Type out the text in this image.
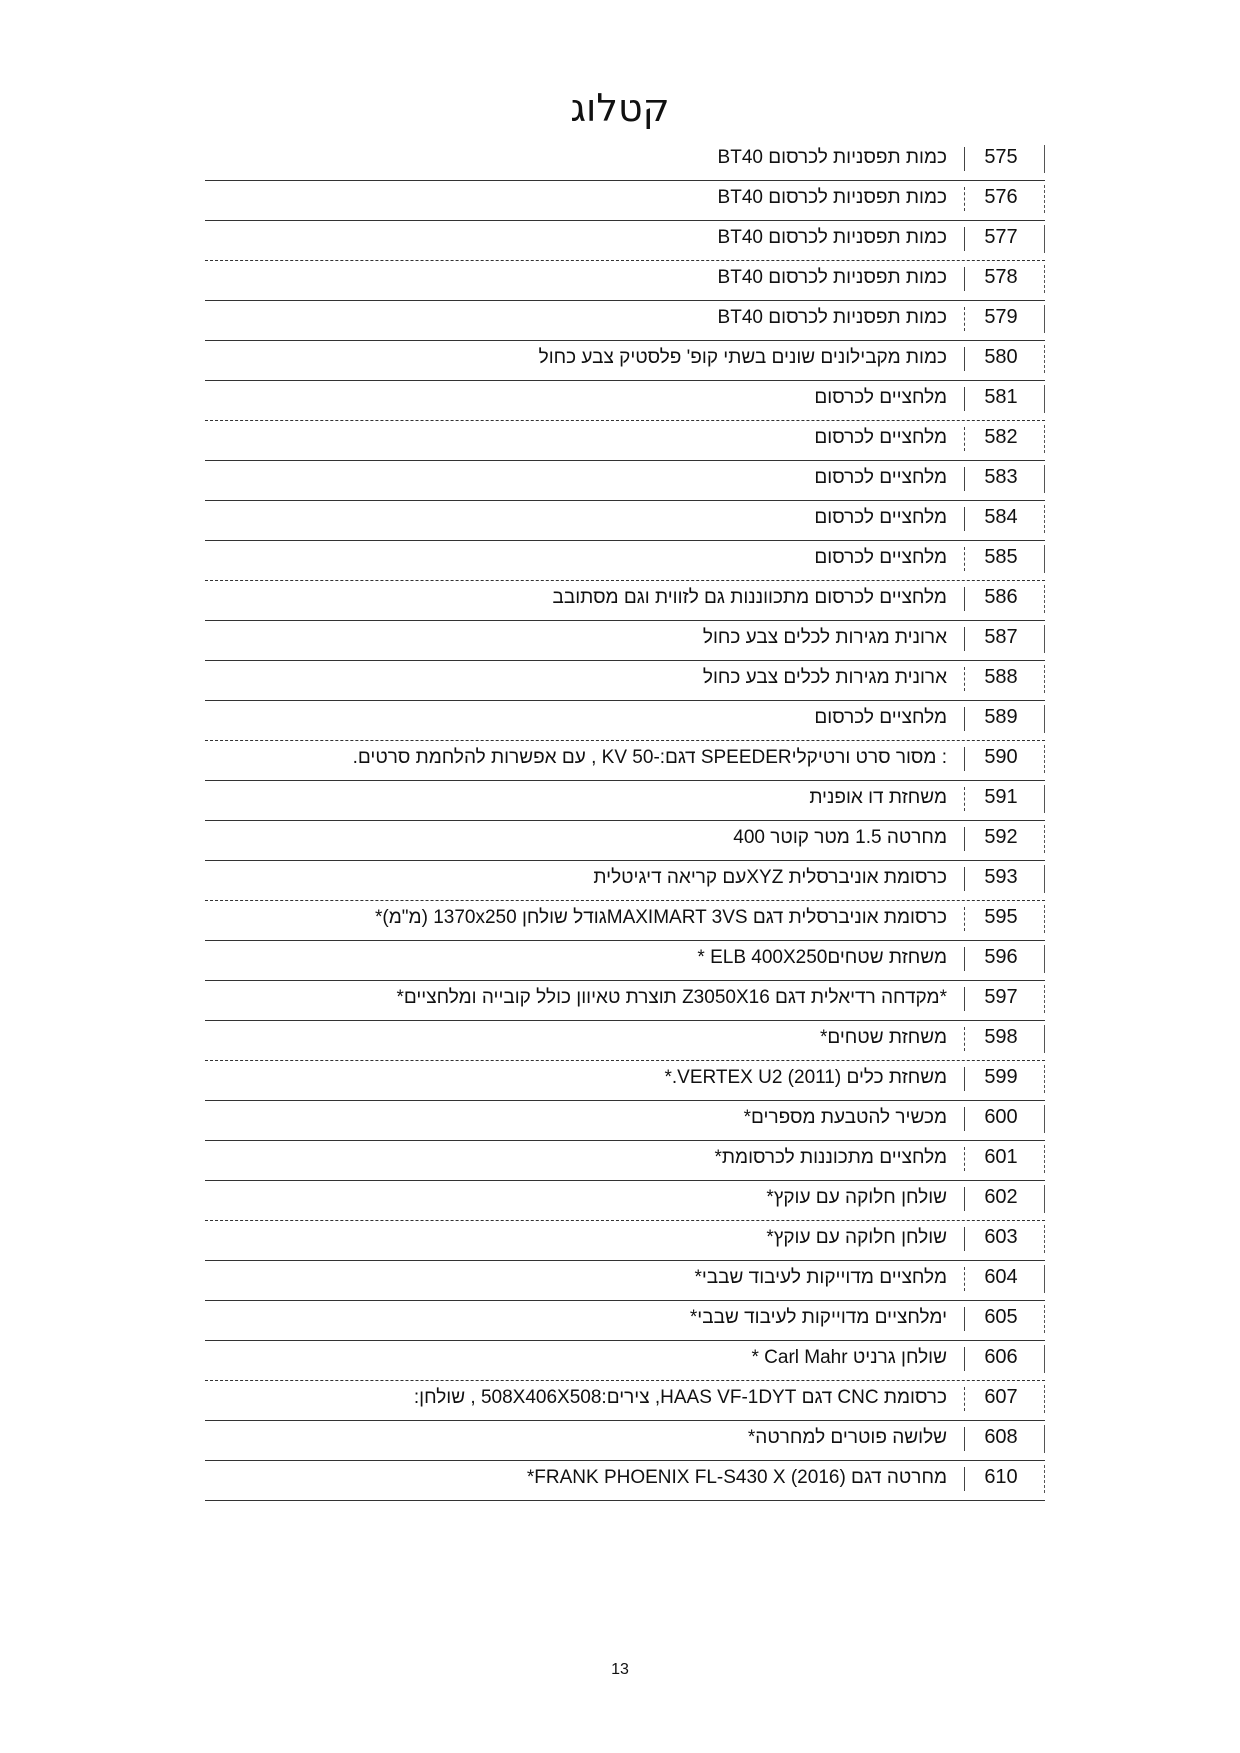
קטלוג
כמות תפסניות לכרסום BT40	575
כמות תפסניות לכרסום BT40	576
כמות תפסניות לכרסום BT40	577
כמות תפסניות לכרסום BT40	578
כמות תפסניות לכרסום BT40	579
כמות מקבילונים שונים בשתי קופ' פלסטיק צבע כחול	580
מלחציים לכרסום	581
מלחציים לכרסום	582
מלחציים לכרסום	583
מלחציים לכרסום	584
מלחציים לכרסום	585
מלחציים לכרסום מתכווננות גם לזווית וגם מסתובב	586
ארונית מגירות לכלים צבע כחול	587
ארונית מגירות לכלים צבע כחול	588
מלחציים לכרסום	589
: מסור סרט ורטיקליSPEEDER דגם:-KV 50 , עם אפשרות להלחמת סרטים.	590
משחזת דו אופנית	591
מחרטה 1.5 מטר קוטר 400	592
כרסומת אוניברסלית XYZעם קריאה דיגיטלית	593
כרסומת אוניברסלית דגם MAXIMART 3VSגודל שולחן 1370x250 (מ"מ)*	595
משחזת שטחיםELB 400X250 *	596
*מקדחה רדיאלית דגם Z3050X16 תוצרת טאיוון כולל קובייה ומלחציים*	597
משחזת שטחים*	598
משחזת כלים VERTEX U2 (2011).*	599
מכשיר להטבעת מספרים*	600
מלחציים מתכוננות לכרסומת*	601
שולחן חלוקה עם עוקץ*	602
שולחן חלוקה עם עוקץ*	603
מלחציים מדוייקות לעיבוד שבבי*	604
ימלחציים מדוייקות לעיבוד שבבי*	605
שולחן גרניט Carl Mahr *	606
כרסומת CNC דגם HAAS VF-1DYT, צירים:508X406X508 , שולחן:	607
שלושה פוטרים למחרטה*	608
מחרטה דגם FRANK PHOENIX FL-S430 X (2016)*	610
13
